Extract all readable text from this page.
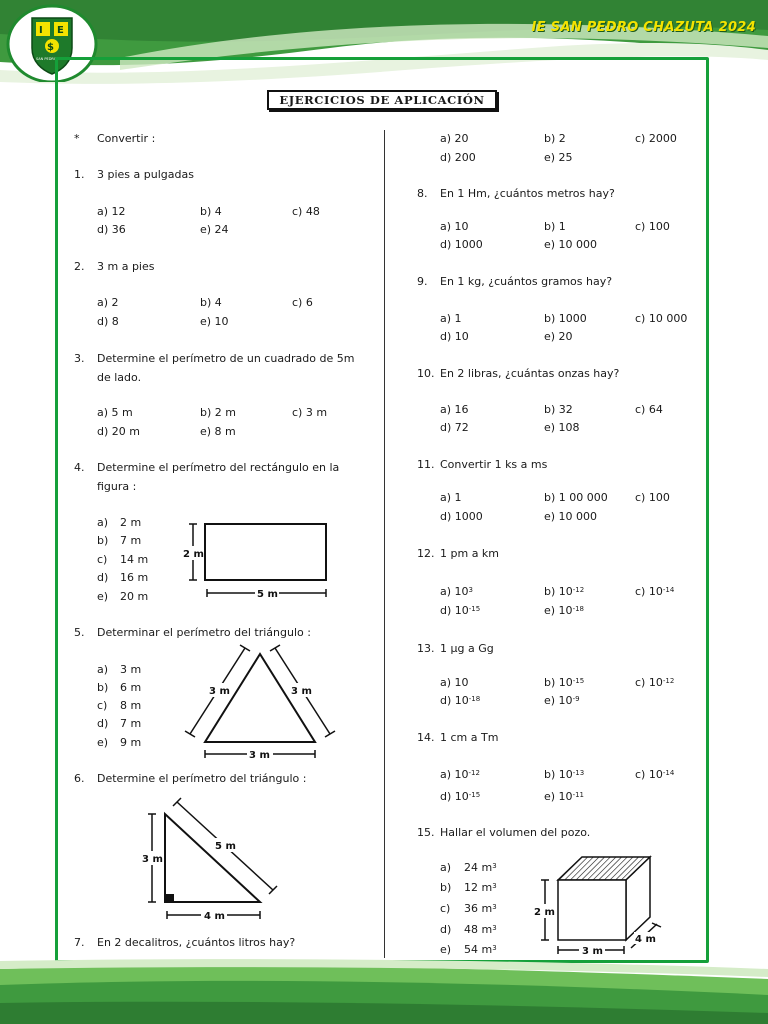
I E
$
SAN PEDRO CHAZUTA
IE SAN PEDRO CHAZUTA 2024
EJERCICIOS DE APLICACIÓN
* Convertir :
1. 3 pies a pulgadas
a) 12	b) 4	c) 48
d) 36	e) 24
2. 3 m a pies
a) 2	b) 4	c) 6
d) 8	e) 10
3. Determine el perímetro de un cuadrado de 5m
de lado.
a) 5 m	b) 2 m	c) 3 m
d) 20 m	e) 8 m
4. Determine el perímetro del rectángulo en la
figura :
a) 2 m
b) 7 m
c) 14 m
d) 16 m
e) 20 m
2 m
5 m
5. Determinar el perímetro del triángulo :
a) 3 m
b) 6 m
c) 8 m
d) 7 m
e) 9 m
3 m	3 m
3 m
6. Determine el perímetro del triángulo :
3 m
5 m
4 m
7. En 2 decalitros, ¿cuántos litros hay?
a) 20	b) 2	c) 2000
d) 200	e) 25
8. En 1 Hm, ¿cuántos metros hay?
a) 10	b) 1	c) 100
d) 1000	e) 10 000
9. En 1 kg, ¿cuántos gramos hay?
a) 1	b) 1000	c) 10 000
d) 10	e) 20
10. En 2 libras, ¿cuántas onzas hay?
a) 16	b) 32	c) 64
d) 72	e) 108
11. Convertir 1 ks a ms
a) 1	b) 1 00 000 c) 100
d) 1000	e) 10 000
12. 1 pm a km
a) $10^3$	b) $10^{-12}$	c) $10^{-14}$
d) $10^{-15}$	e) $10^{-18}$
13. 1 µg a Gg
a) 10	b) $10^{-15}$	c) $10^{-12}$
d) $10^{-18}$	e) $10^{-9}$
14. 1 cm a Tm
a) $10^{-12}$	b) $10^{-13}$	c) $10^{-14}$
d) $10^{-15}$	e) $10^{-11}$
15. Hallar el volumen del pozo.
a) 24 $m^3$
b) 12 $m^3$
c) 36 $m^3$
d) 48 $m^3$
e) 54 $m^3$
2 m
3 m
4 m
